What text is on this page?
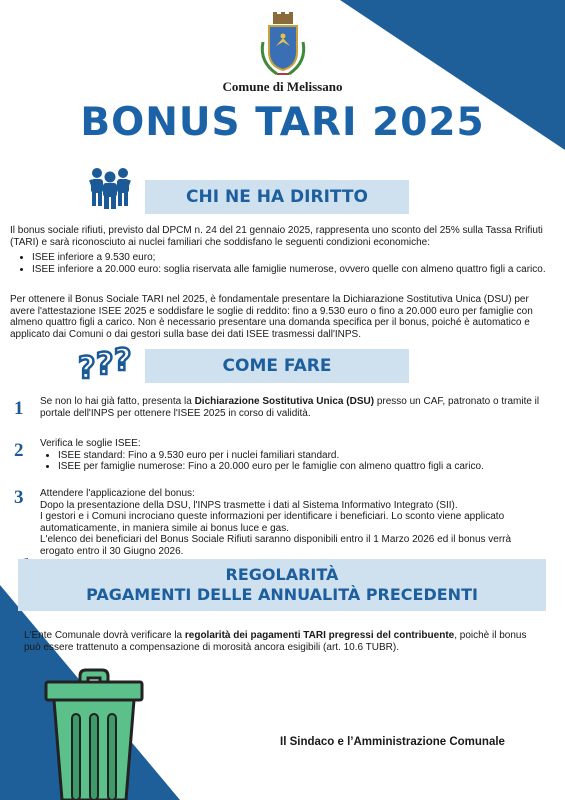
Comune di Melissano
BONUS TARI 2025
CHI NE HA DIRITTO
Il bonus sociale rifiuti, previsto dal DPCM n. 24 del 21 gennaio 2025, rappresenta uno sconto del 25% sulla Tassa Rrifiuti (TARI) e sarà riconosciuto ai nuclei familiari che soddisfano le seguenti condizioni economiche:
• ISEE inferiore a 9.530 euro;
• ISEE inferiore a 20.000 euro: soglia riservata alle famiglie numerose, ovvero quelle con almeno quattro figli a carico.
Per ottenere il Bonus Sociale TARI nel 2025, è fondamentale presentare la Dichiarazione Sostitutiva Unica (DSU) per avere l'attestazione ISEE 2025 e soddisfare le soglie di reddito: fino a 9.530 euro o fino a 20.000 euro per famiglie con almeno quattro figli a carico. Non è necessario presentare una domanda specifica per il bonus, poiché è automatico e applicato dai Comuni o dai gestori sulla base dei dati ISEE trasmessi dall'INPS.
? ? ?	COME FARE
1 Se non lo hai già fatto, presenta la Dichiarazione Sostitutiva Unica (DSU) presso un CAF, patronato o tramite il portale dell'INPS per ottenere l'ISEE 2025 in corso di validità.
2 Verifica le soglie ISEE:
• ISEE standard: Fino a 9.530 euro per i nuclei familiari standard.
• ISEE per famiglie numerose: Fino a 20.000 euro per le famiglie con almeno quattro figli a carico.
3 Attendere l'applicazione del bonus:
Dopo la presentazione della DSU, l'INPS trasmette i dati al Sistema Informativo Integrato (SII).
I gestori e i Comuni incrociano queste informazioni per identificare i beneficiari. Lo sconto viene applicato automaticamente, in maniera simile ai bonus luce e gas.
L'elenco dei beneficiari del Bonus Sociale Rifiuti saranno disponibili entro il 1 Marzo 2026 ed il bonus verrà erogato entro il 30 Giugno 2026.
REGOLARITÀ
PAGAMENTI DELLE ANNUALITÀ PRECEDENTI
L'Ente Comunale dovrà verificare la regolarità dei pagamenti TARI pregressi del contribuente, poichè il bonus può essere trattenuto a compensazione di morosità ancora esigibili (art. 10.6 TUBR).
Il Sindaco e l’Amministrazione Comunale
